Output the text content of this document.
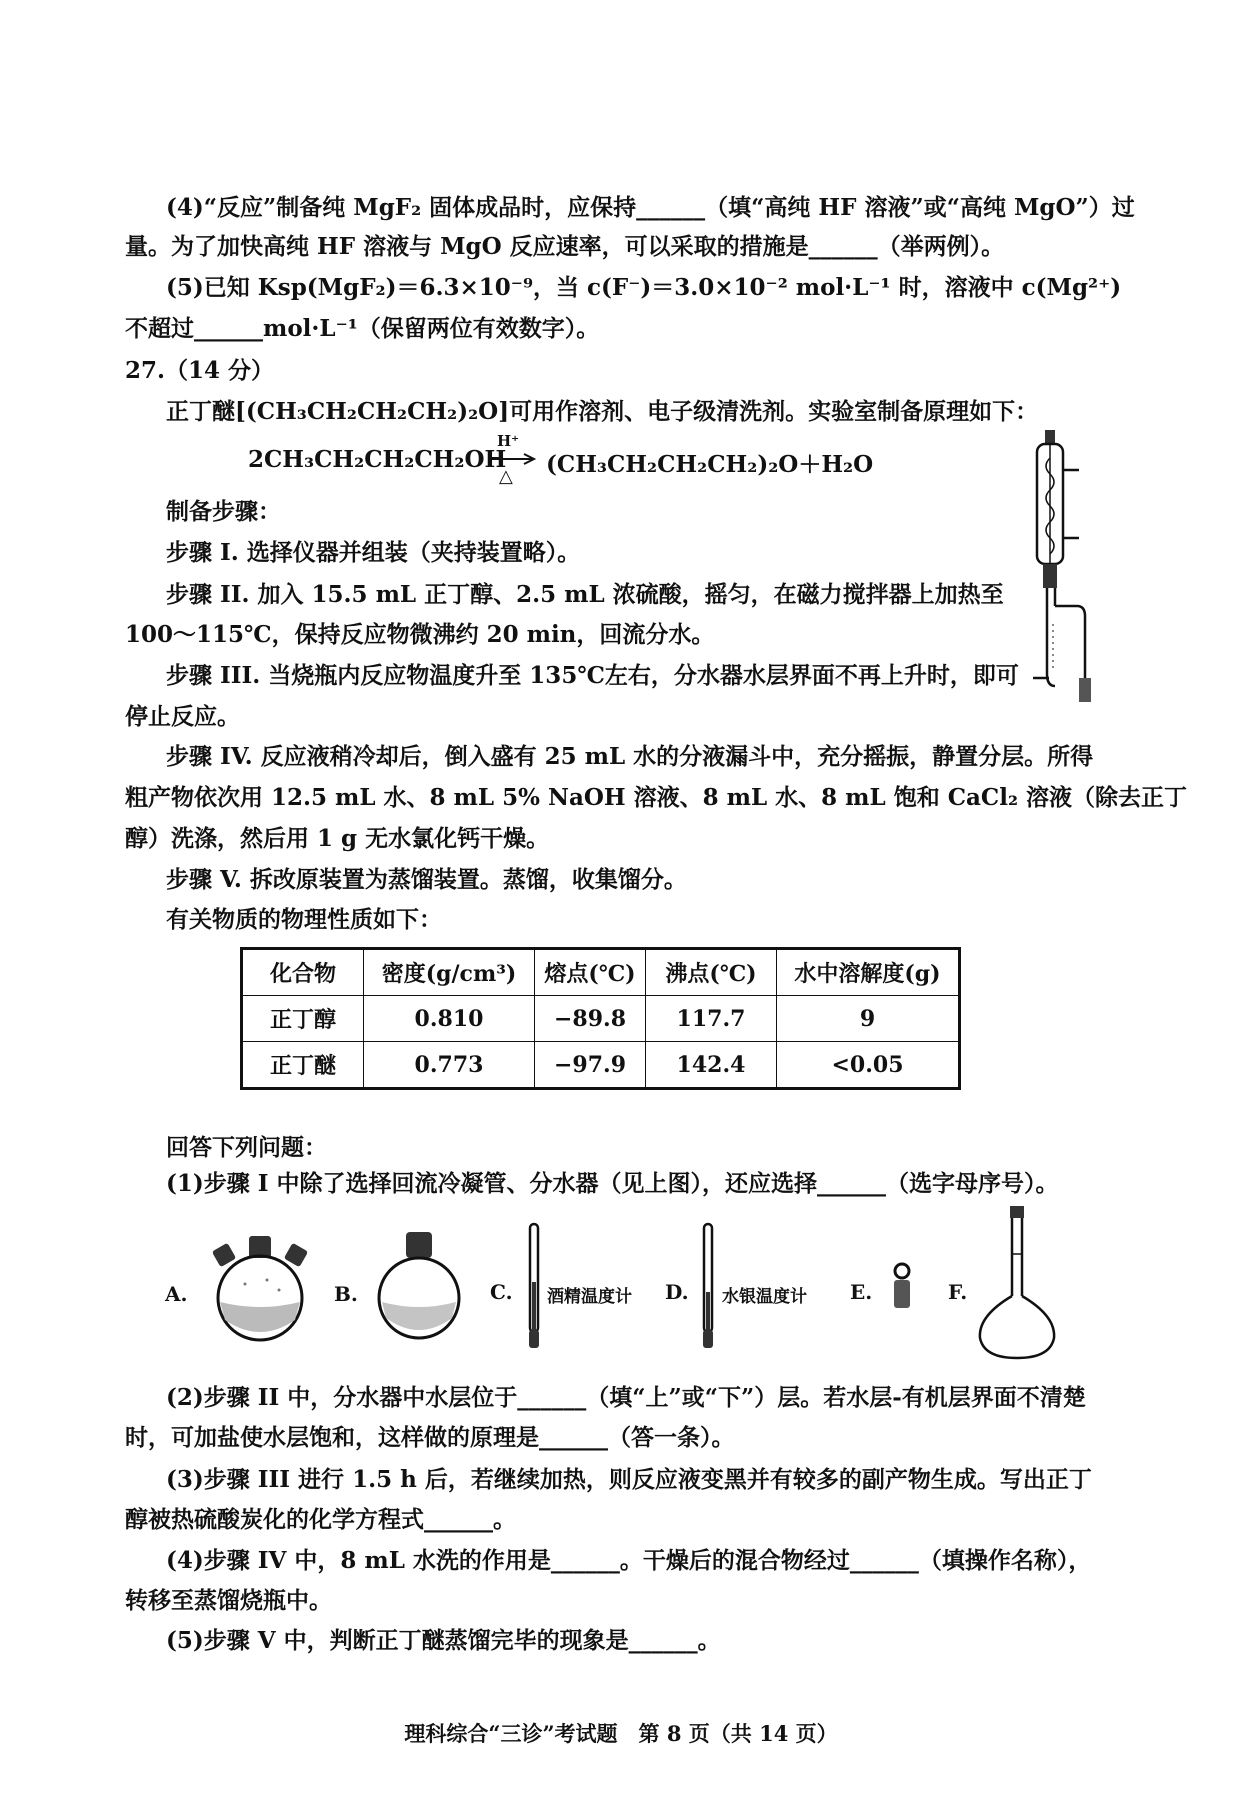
(4)“反应”制备纯 MgF₂ 固体成品时，应保持______（填“高纯 HF 溶液”或“高纯 MgO”）过
量。为了加快高纯 HF 溶液与 MgO 反应速率，可以采取的措施是______（举两例）。
(5)已知 Ksp(MgF₂)＝6.3×10⁻⁹，当 c(F⁻)＝3.0×10⁻² mol·L⁻¹ 时，溶液中 c(Mg²⁺)
不超过______mol·L⁻¹（保留两位有效数字）。
27.（14 分）
正丁醚[(CH₃CH₂CH₂CH₂)₂O]可用作溶剂、电子级清洗剂。实验室制备原理如下：
2CH₃CH₂CH₂CH₂OH
H⁺
△ (CH₃CH₂CH₂CH₂)₂O＋H₂O
制备步骤：
步骤 I. 选择仪器并组装（夹持装置略）。
步骤 II. 加入 15.5 mL 正丁醇、2.5 mL 浓硫酸，摇匀，在磁力搅拌器上加热至
100～115℃，保持反应物微沸约 20 min，回流分水。
步骤 III. 当烧瓶内反应物温度升至 135℃左右，分水器水层界面不再上升时，即可
停止反应。
步骤 IV. 反应液稍冷却后，倒入盛有 25 mL 水的分液漏斗中，充分摇振，静置分层。所得
粗产物依次用 12.5 mL 水、8 mL 5% NaOH 溶液、8 mL 水、8 mL 饱和 CaCl₂ 溶液（除去正丁
醇）洗涤，然后用 1 g 无水氯化钙干燥。
步骤 V. 拆改原装置为蒸馏装置。蒸馏，收集馏分。
有关物质的物理性质如下：
化合物	密度(g/cm³)	熔点(℃)	沸点(℃)	水中溶解度(g)
正丁醇	0.810	−89.8	117.7	9
正丁醚	0.773	−97.9	142.4	<0.05
回答下列问题：
(1)步骤 I 中除了选择回流冷凝管、分水器（见上图），还应选择______（选字母序号）。
A.	B.	C. 酒精温度计 D. 水银温度计 E.	F.
(2)步骤 II 中，分水器中水层位于______（填“上”或“下”）层。若水层-有机层界面不清楚
时，可加盐使水层饱和，这样做的原理是______（答一条）。
(3)步骤 III 进行 1.5 h 后，若继续加热，则反应液变黑并有较多的副产物生成。写出正丁
醇被热硫酸炭化的化学方程式______。
(4)步骤 IV 中，8 mL 水洗的作用是______。干燥后的混合物经过______（填操作名称），
转移至蒸馏烧瓶中。
(5)步骤 V 中，判断正丁醚蒸馏完毕的现象是______。
理科综合“三诊”考试题　第 8 页（共 14 页）
